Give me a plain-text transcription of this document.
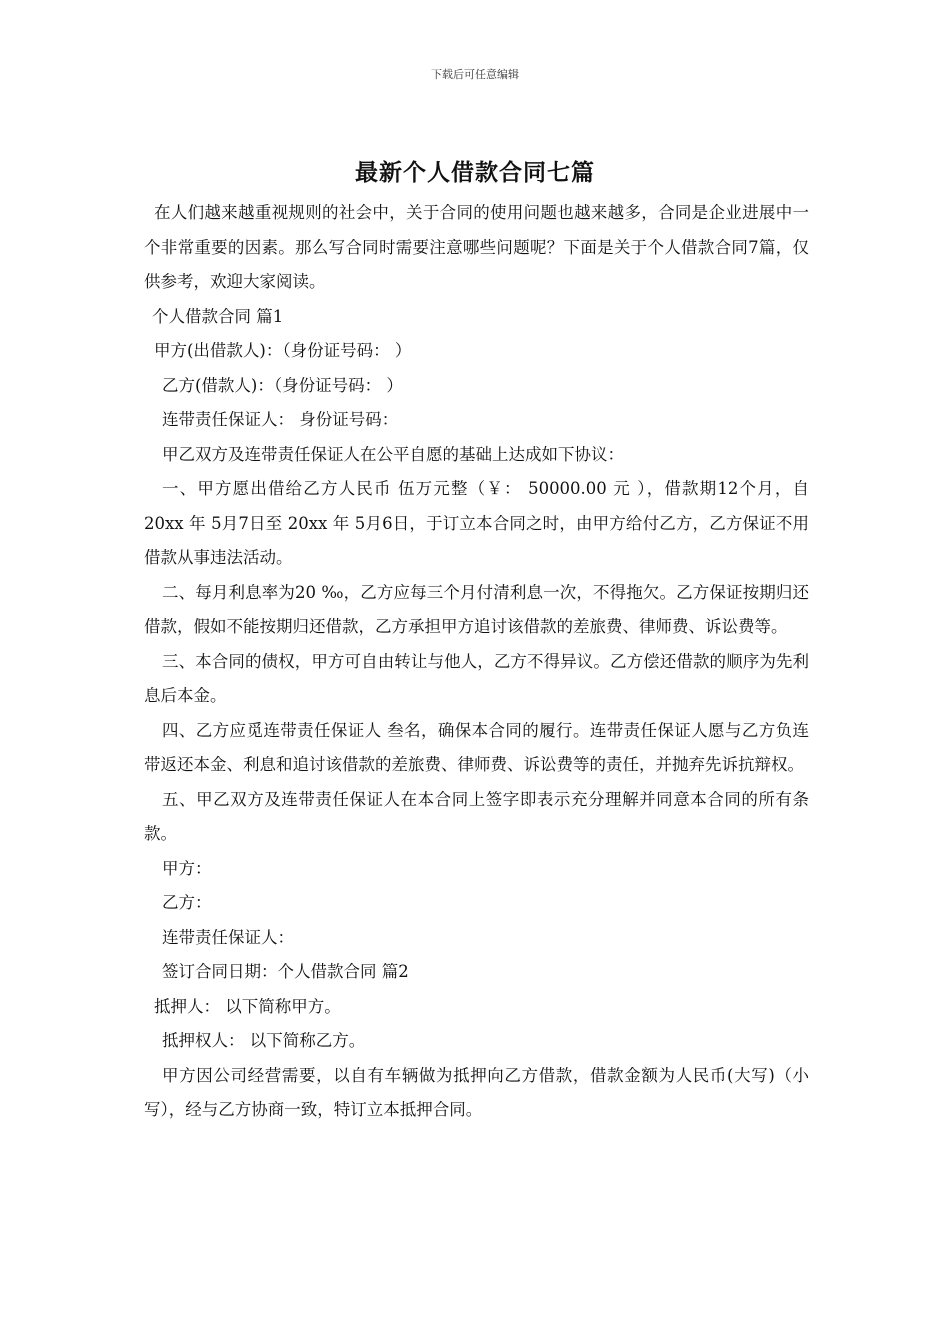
下载后可任意编辑
最新个人借款合同七篇

在人们越来越重视规则的社会中，关于合同的使用问题也越来越多，合同是企业进展中一个非常重要的因素。那么写合同时需要注意哪些问题呢？下面是关于个人借款合同7篇，仅供参考，欢迎大家阅读。

个人借款合同 篇1

甲方(出借款人)：（身份证号码： ）

乙方(借款人)：（身份证号码： ）

连带责任保证人： 身份证号码：

甲乙双方及连带责任保证人在公平自愿的基础上达成如下协议：

一、甲方愿出借给乙方人民币 伍万元整（￥： 50000.00 元 ），借款期12个月，自20xx 年 5月7日至 20xx 年 5月6日，于订立本合同之时，由甲方给付乙方，乙方保证不用借款从事违法活动。

二、每月利息率为20 ‰，乙方应每三个月付清利息一次，不得拖欠。乙方保证按期归还借款，假如不能按期归还借款，乙方承担甲方追讨该借款的差旅费、律师费、诉讼费等。

三、本合同的债权，甲方可自由转让与他人，乙方不得异议。乙方偿还借款的顺序为先利息后本金。

四、乙方应觅连带责任保证人 叁名，确保本合同的履行。连带责任保证人愿与乙方负连带返还本金、利息和追讨该借款的差旅费、律师费、诉讼费等的责任，并抛弃先诉抗辩权。

五、甲乙双方及连带责任保证人在本合同上签字即表示充分理解并同意本合同的所有条款。

甲方：

乙方：

连带责任保证人：

签订合同日期：个人借款合同 篇2

抵押人： 以下简称甲方。

抵押权人： 以下简称乙方。

甲方因公司经营需要，以自有车辆做为抵押向乙方借款，借款金额为人民币(大写)（小写），经与乙方协商一致，特订立本抵押合同。
